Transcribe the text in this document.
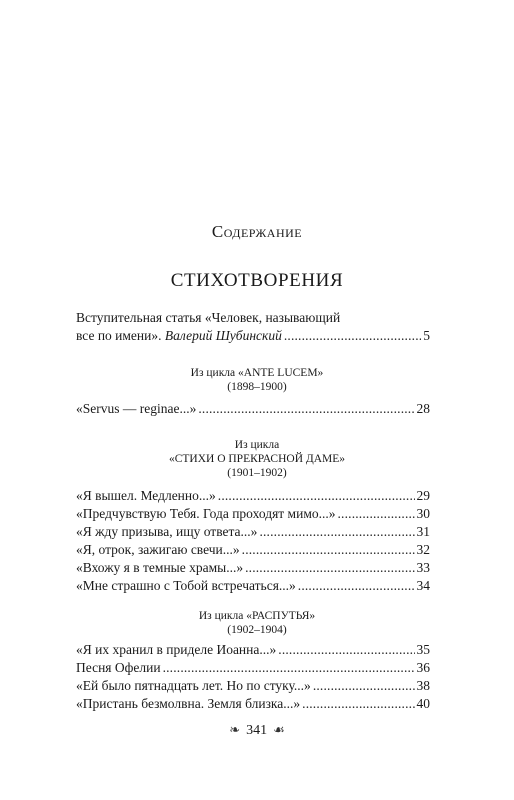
Содержание
СТИХОТВОРЕНИЯ
Вступительная статья «Человек, называющий
все по имени». Валерий Шубинский . . .	5
Из цикла «ANTE LUCEM»
(1898–1900)
«Servus — reginae...» . . .	28
Из цикла
«СТИХИ О ПРЕКРАСНОЙ ДАМЕ»
(1901–1902)
«Я вышел. Медленно...» . . .	29
«Предчувствую Тебя. Года проходят мимо...» . . .	30
«Я жду призыва, ищу ответа...» . . .	31
«Я, отрок, зажигаю свечи...» . . .	32
«Вхожу я в темные храмы...» . . .	33
«Мне страшно с Тобой встречаться...» . . .	34
Из цикла «РАСПУТЬЯ»
(1902–1904)
«Я их хранил в приделе Иоанна...» . . .	35
Песня Офелии . . .	36
«Ей было пятнадцать лет. Но по стуку...» . . .	38
«Пристань безмолвна. Земля близка...» . . .	40
❧ 341 ☙
